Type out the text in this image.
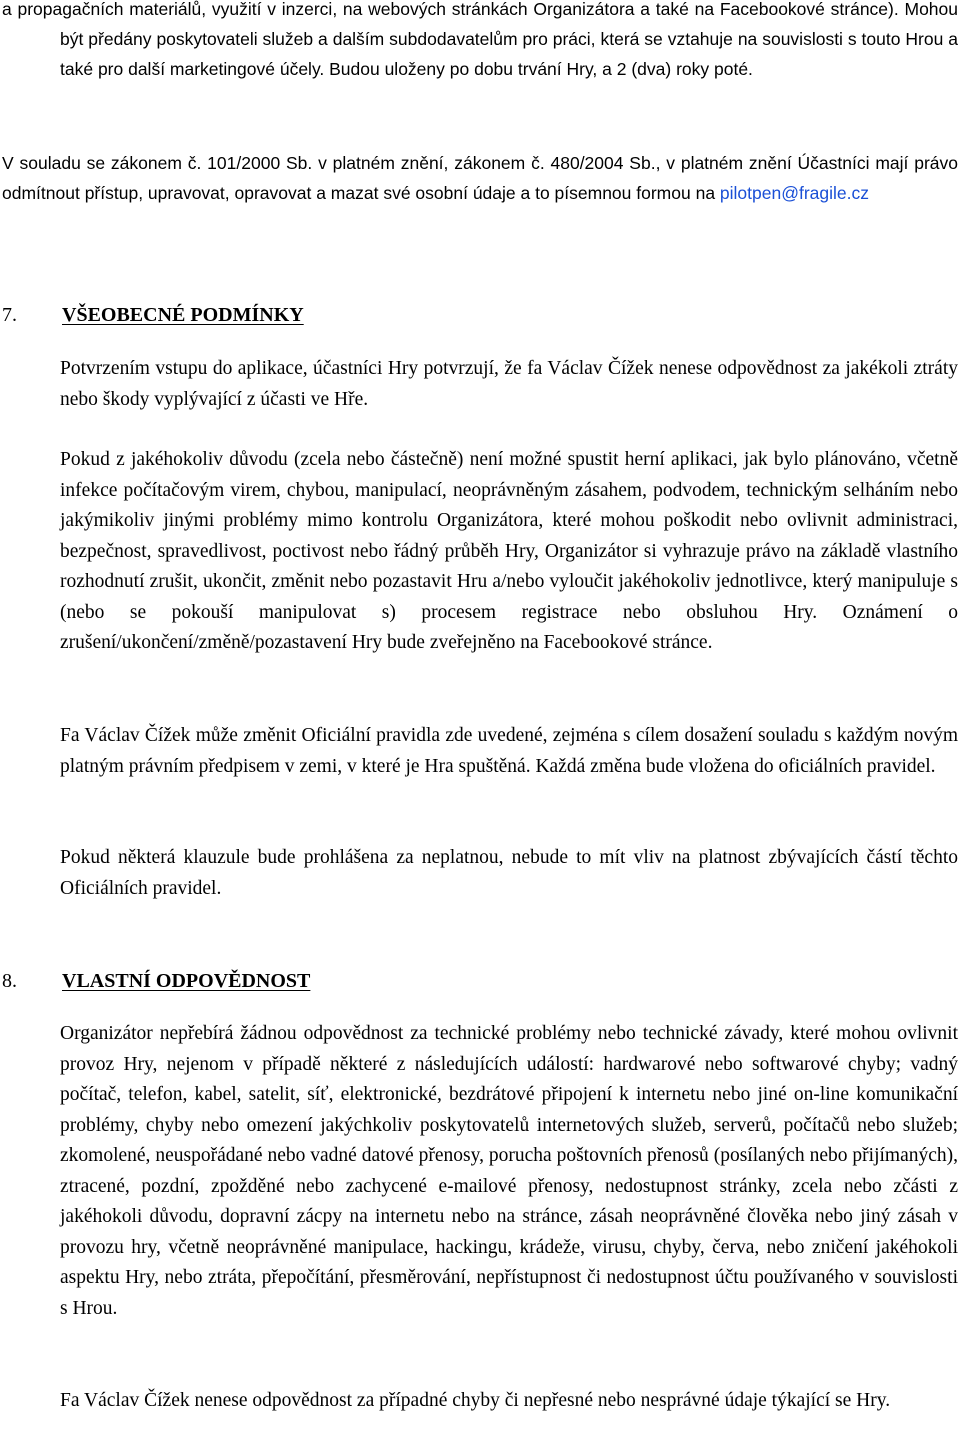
a propagačních materiálů, využití v inzerci, na webových stránkách Organizátora a také na Facebookové stránce). Mohou být předány poskytovateli služeb a dalším subdodavatelům pro práci, která se vztahuje na souvislosti s touto Hrou a také pro další marketingové účely. Budou uloženy po dobu trvání Hry, a 2 (dva) roky poté.

V souladu se zákonem č. 101/2000 Sb. v platném znění, zákonem č. 480/2004 Sb., v platném znění Účastníci mají právo odmítnout přístup, upravovat, opravovat a mazat své osobní údaje a to písemnou formou na pilotpen@fragile.cz

7. VŠEOBECNÉ PODMÍNKY

Potvrzením vstupu do aplikace, účastníci Hry potvrzují, že fa Václav Čížek nenese odpovědnost za jakékoli ztráty nebo škody vyplývající z účasti ve Hře.

Pokud z jakéhokoliv důvodu (zcela nebo částečně) není možné spustit herní aplikaci, jak bylo plánováno, včetně infekce počítačovým virem, chybou, manipulací, neoprávněným zásahem, podvodem, technickým selháním nebo jakýmikoliv jinými problémy mimo kontrolu Organizátora, které mohou poškodit nebo ovlivnit administraci, bezpečnost, spravedlivost, poctivost nebo řádný průběh Hry, Organizátor si vyhrazuje právo na základě vlastního rozhodnutí zrušit, ukončit, změnit nebo pozastavit Hru a/nebo vyloučit jakéhokoliv jednotlivce, který manipuluje s (nebo se pokouší manipulovat s) procesem registrace nebo obsluhou Hry. Oznámení o zrušení/ukončení/změně/pozastavení Hry bude zveřejněno na Facebookové stránce.

Fa Václav Čížek může změnit Oficiální pravidla zde uvedené, zejména s cílem dosažení souladu s každým novým platným právním předpisem v zemi, v které je Hra spuštěná. Každá změna bude vložena do oficiálních pravidel.

Pokud některá klauzule bude prohlášena za neplatnou, nebude to mít vliv na platnost zbývajících částí těchto Oficiálních pravidel.

8. VLASTNÍ ODPOVĚDNOST

Organizátor nepřebírá žádnou odpovědnost za technické problémy nebo technické závady, které mohou ovlivnit provoz Hry, nejenom v případě některé z následujících událostí: hardwarové nebo softwarové chyby; vadný počítač, telefon, kabel, satelit, síť, elektronické, bezdrátové připojení k internetu nebo jiné on-line komunikační problémy, chyby nebo omezení jakýchkoliv poskytovatelů internetových služeb, serverů, počítačů nebo služeb; zkomolené, neuspořádané nebo vadné datové přenosy, porucha poštovních přenosů (posílaných nebo přijímaných), ztracené, pozdní, zpožděné nebo zachycené e-mailové přenosy, nedostupnost stránky, zcela nebo zčásti z jakéhokoli důvodu, dopravní zácpy na internetu nebo na stránce, zásah neoprávněné člověka nebo jiný zásah v provozu hry, včetně neoprávněné manipulace, hackingu, krádeže, virusu, chyby, červa, nebo zničení jakéhokoli aspektu Hry, nebo ztráta, přepočítání, přesměrování, nepřístupnost či nedostupnost účtu používaného v souvislosti s Hrou.

Fa Václav Čížek nenese odpovědnost za případné chyby či nepřesné nebo nesprávné údaje týkající se Hry.
